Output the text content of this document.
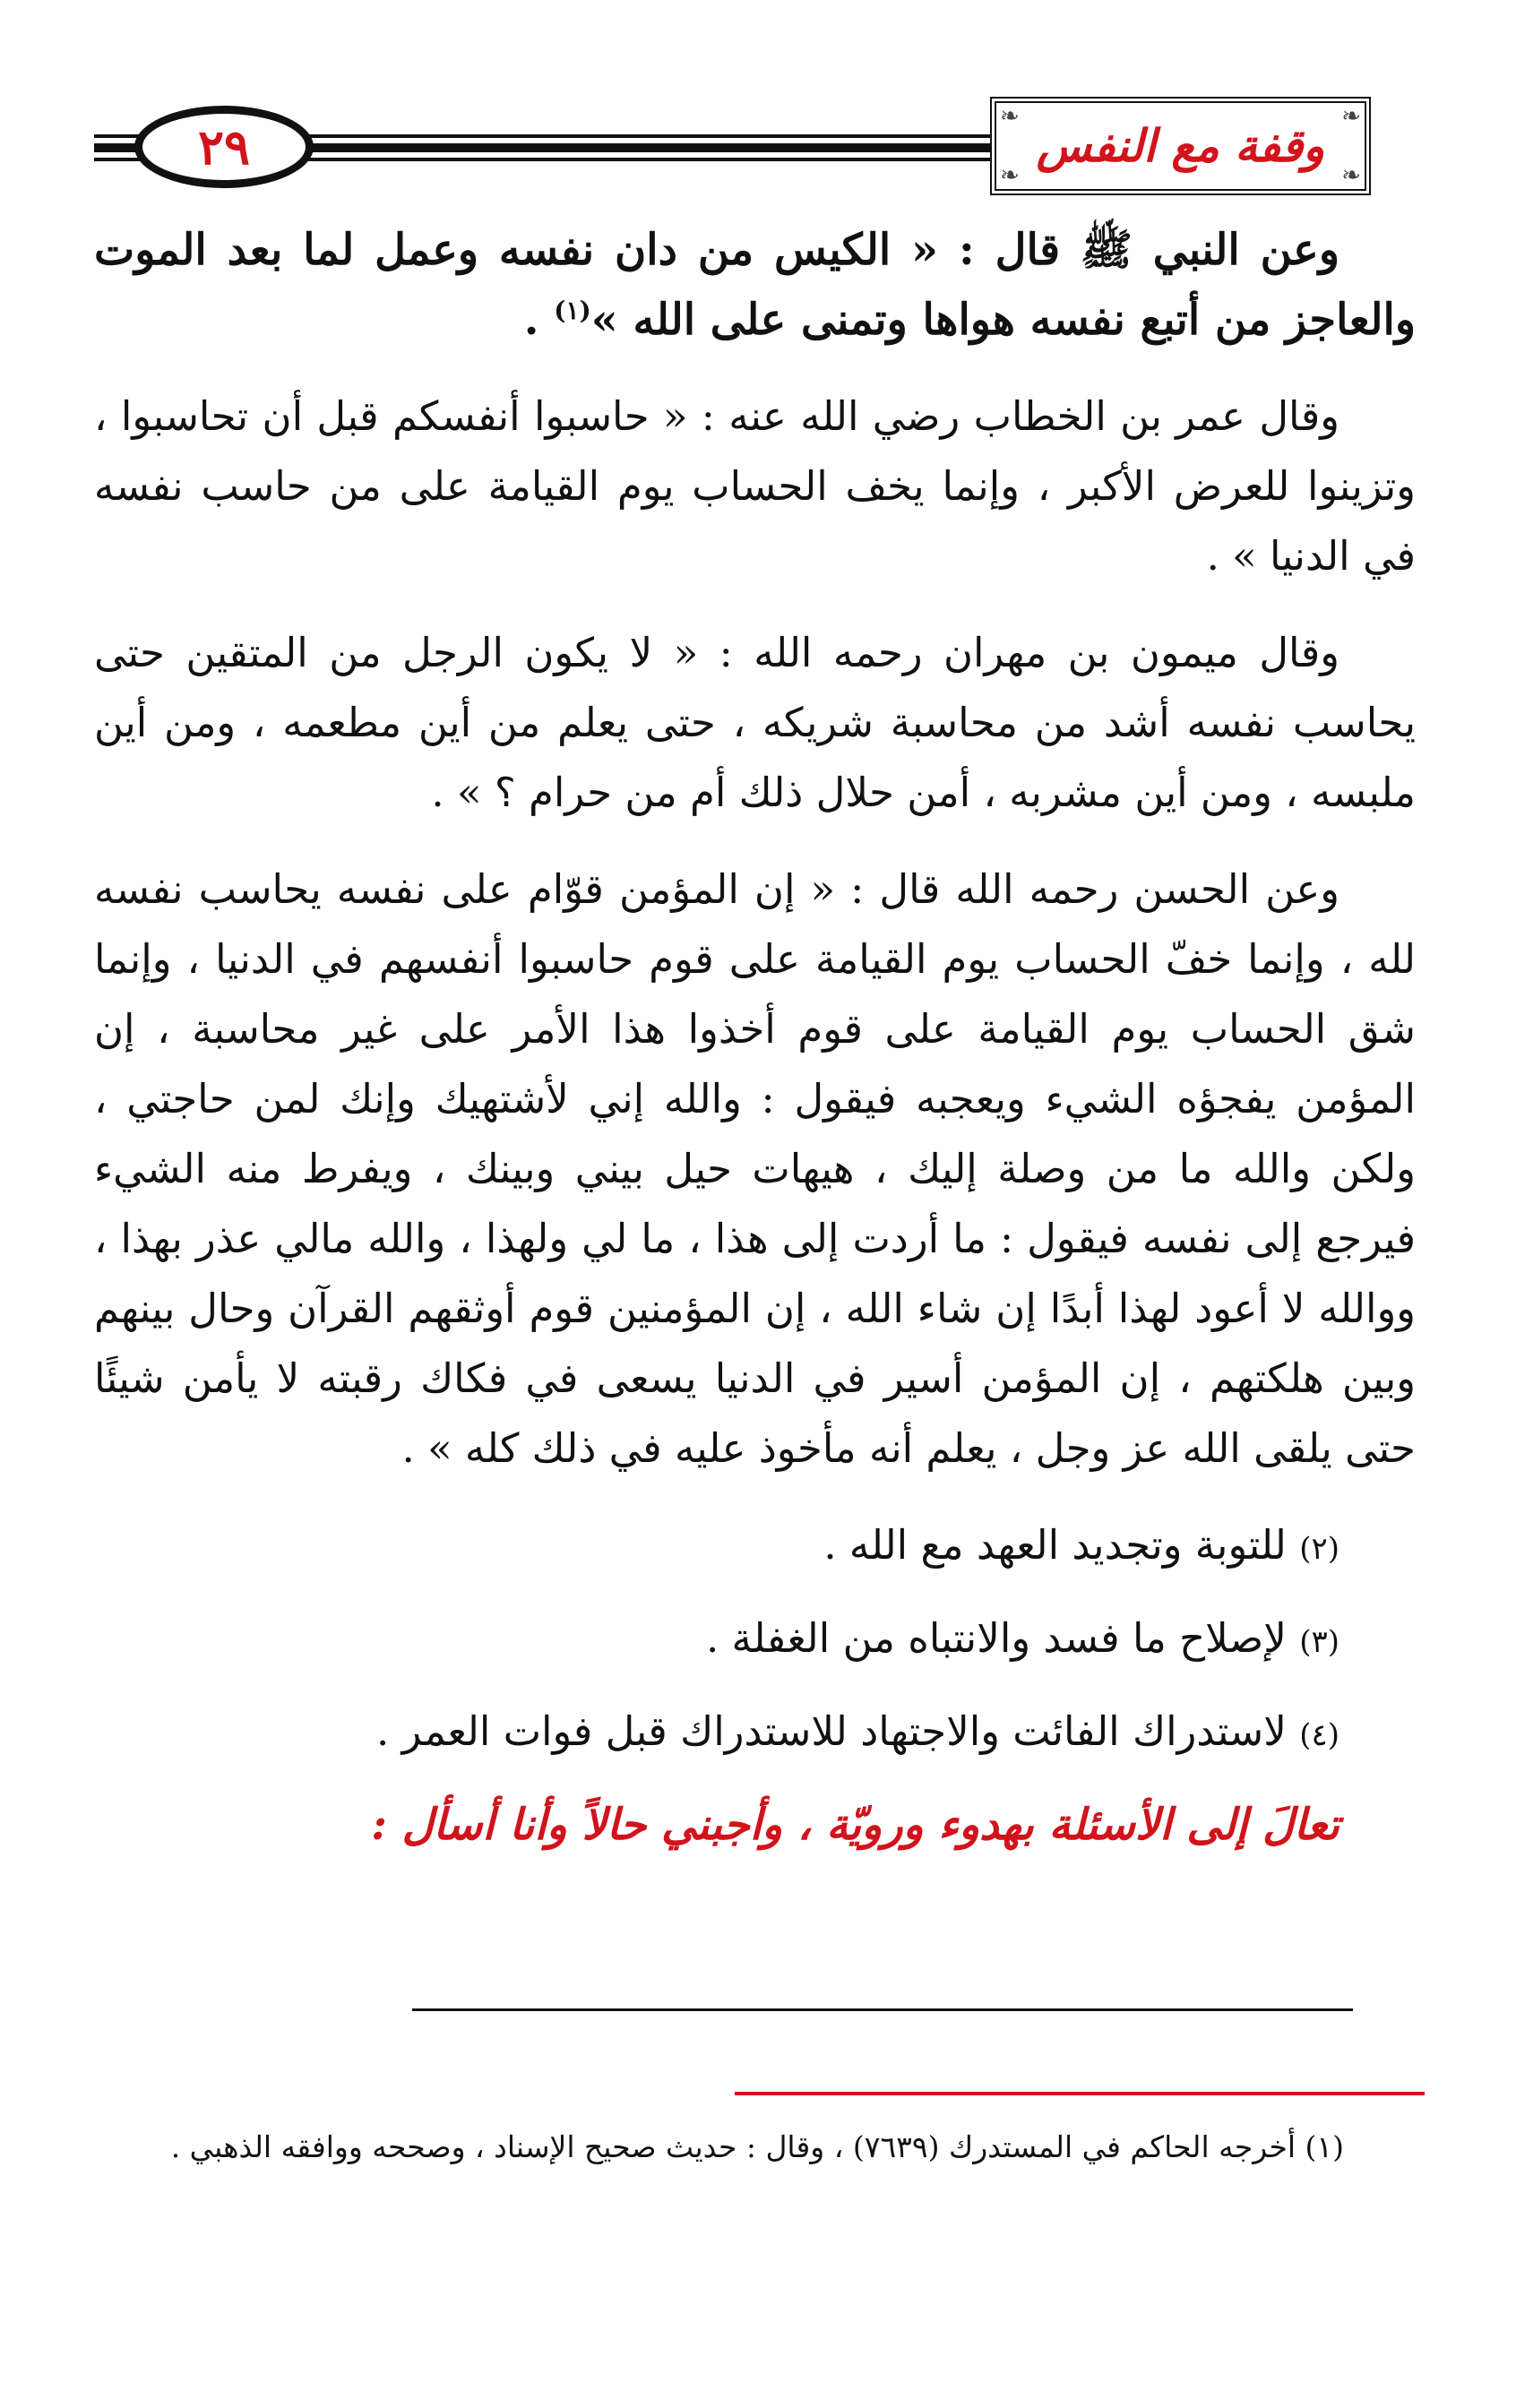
٢٩
❧	❧
❧	❧
وقفة مع النفس

وعن النبي ﷺ قال : « الكيس من دان نفسه وعمل لما بعد الموت والعاجز من أتبع نفسه هواها وتمنى على الله »$^{(١)}$ .

وقال عمر بن الخطاب رضي الله عنه : « حاسبوا أنفسكم قبل أن تحاسبوا ، وتزينوا للعرض الأكبر ، وإنما يخف الحساب يوم القيامة على من حاسب نفسه في الدنيا » .

وقال ميمون بن مهران رحمه الله : « لا يكون الرجل من المتقين حتى يحاسب نفسه أشد من محاسبة شريكه ، حتى يعلم من أين مطعمه ، ومن أين ملبسه ، ومن أين مشربه ، أمن حلال ذلك أم من حرام ؟ » .

وعن الحسن رحمه الله قال : « إن المؤمن قوّام على نفسه يحاسب نفسه لله ، وإنما خفّ الحساب يوم القيامة على قوم حاسبوا أنفسهم في الدنيا ، وإنما شق الحساب يوم القيامة على قوم أخذوا هذا الأمر على غير محاسبة ، إن المؤمن يفجؤه الشيء ويعجبه فيقول : والله إني لأشتهيك وإنك لمن حاجتي ، ولكن والله ما من وصلة إليك ، هيهات حيل بيني وبينك ، ويفرط منه الشيء فيرجع إلى نفسه فيقول : ما أردت إلى هذا ، ما لي ولهذا ، والله مالي عذر بهذا ، ووالله لا أعود لهذا أبدًا إن شاء الله ، إن المؤمنين قوم أوثقهم القرآن وحال بينهم وبين هلكتهم ، إن المؤمن أسير في الدنيا يسعى في فكاك رقبته لا يأمن شيئًا حتى يلقى الله عز وجل ، يعلم أنه مأخوذ عليه في ذلك كله » .

(٢) للتوبة وتجديد العهد مع الله .
(٣) لإصلاح ما فسد والانتباه من الغفلة .
(٤) لاستدراك الفائت والاجتهاد للاستدراك قبل فوات العمر .
تعالَ إلى الأسئلة بهدوء ورويّة ، وأجبني حالاً وأنا أسأل :
(١) أخرجه الحاكم في المستدرك (٧٦٣٩) ، وقال : حديث صحيح الإسناد ، وصححه ووافقه الذهبي .
